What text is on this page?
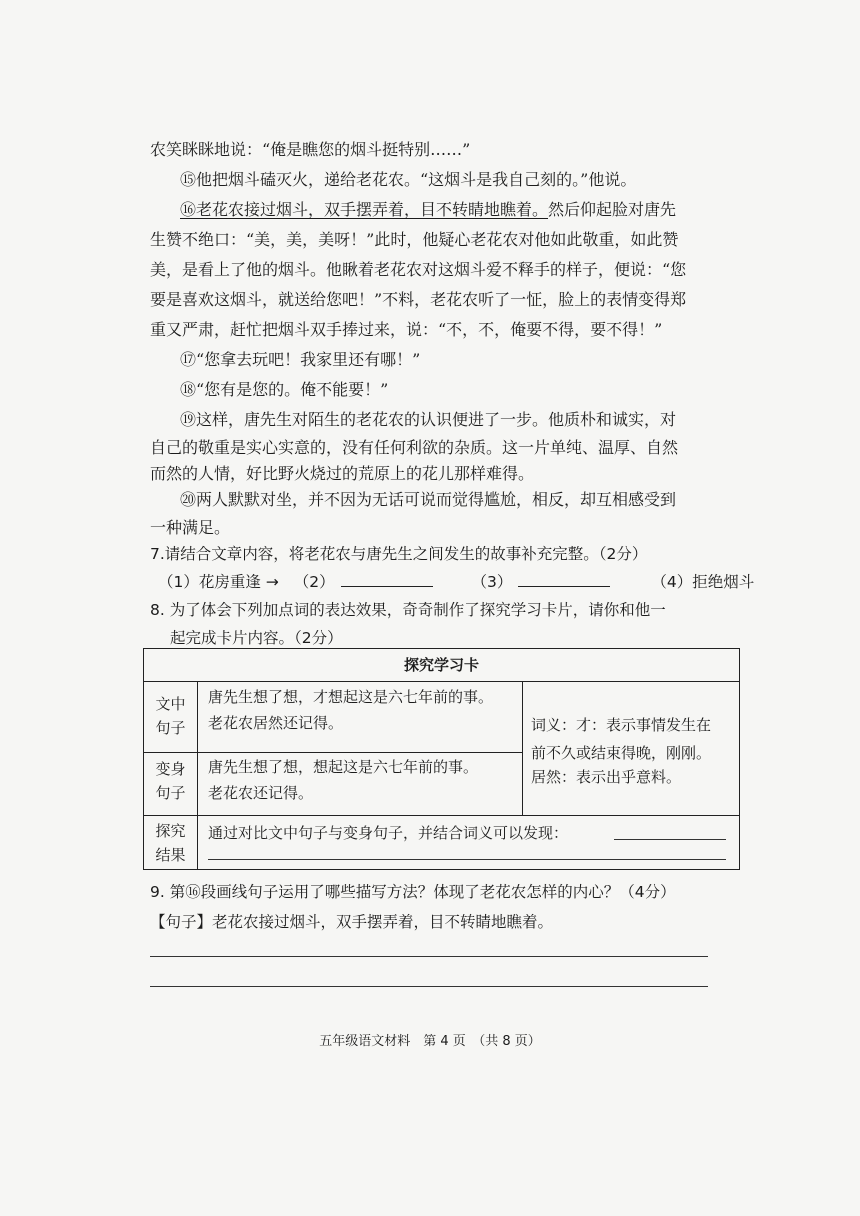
农笑眯眯地说：“俺是瞧您的烟斗挺特别……”
⑮他把烟斗磕灭火，递给老花农。“这烟斗是我自己刻的。”他说。
⑯老花农接过烟斗，双手摆弄着，目不转睛地瞧着。然后仰起脸对唐先
生赞不绝口：“美，美，美呀！”此时，他疑心老花农对他如此敬重，如此赞
美，是看上了他的烟斗。他瞅着老花农对这烟斗爱不释手的样子，便说：“您
要是喜欢这烟斗，就送给您吧！”不料，老花农听了一怔，脸上的表情变得郑
重又严肃，赶忙把烟斗双手捧过来，说：“不，不，俺要不得，要不得！”
⑰“您拿去玩吧！我家里还有哪！”
⑱“您有是您的。俺不能要！”
⑲这样，唐先生对陌生的老花农的认识便进了一步。他质朴和诚实，对
自己的敬重是实心实意的，没有任何利欲的杂质。这一片单纯、温厚、自然
而然的人情，好比野火烧过的荒原上的花儿那样难得。
⑳两人默默对坐，并不因为无话可说而觉得尴尬，相反，却互相感受到
一种满足。
7.请结合文章内容，将老花农与唐先生之间发生的故事补充完整。（2分）
（1）花房重逢 → （2）	（3）	（4）拒绝烟斗
8. 为了体会下列加点词的表达效果，奇奇制作了探究学习卡片，请你和他一
探究学习卡
文中
句子
变身
句子
探究
结果
唐先生想了想，才想起这是六七年前的事。
老花农居然还记得。
唐先生想了想，想起这是六七年前的事。
老花农还记得。
词义：才：表示事情发生在
前不久或结束得晚，刚刚。
居然：表示出乎意料。
通过对比文中句子与变身句子，并结合词义可以发现：
9. 第⑯段画线句子运用了哪些描写方法？体现了老花农怎样的内心？（4分）
【句子】老花农接过烟斗，双手摆弄着，目不转睛地瞧着。
五年级语文材料　第 4 页　（共 8 页）
起完成卡片内容。（2分）
